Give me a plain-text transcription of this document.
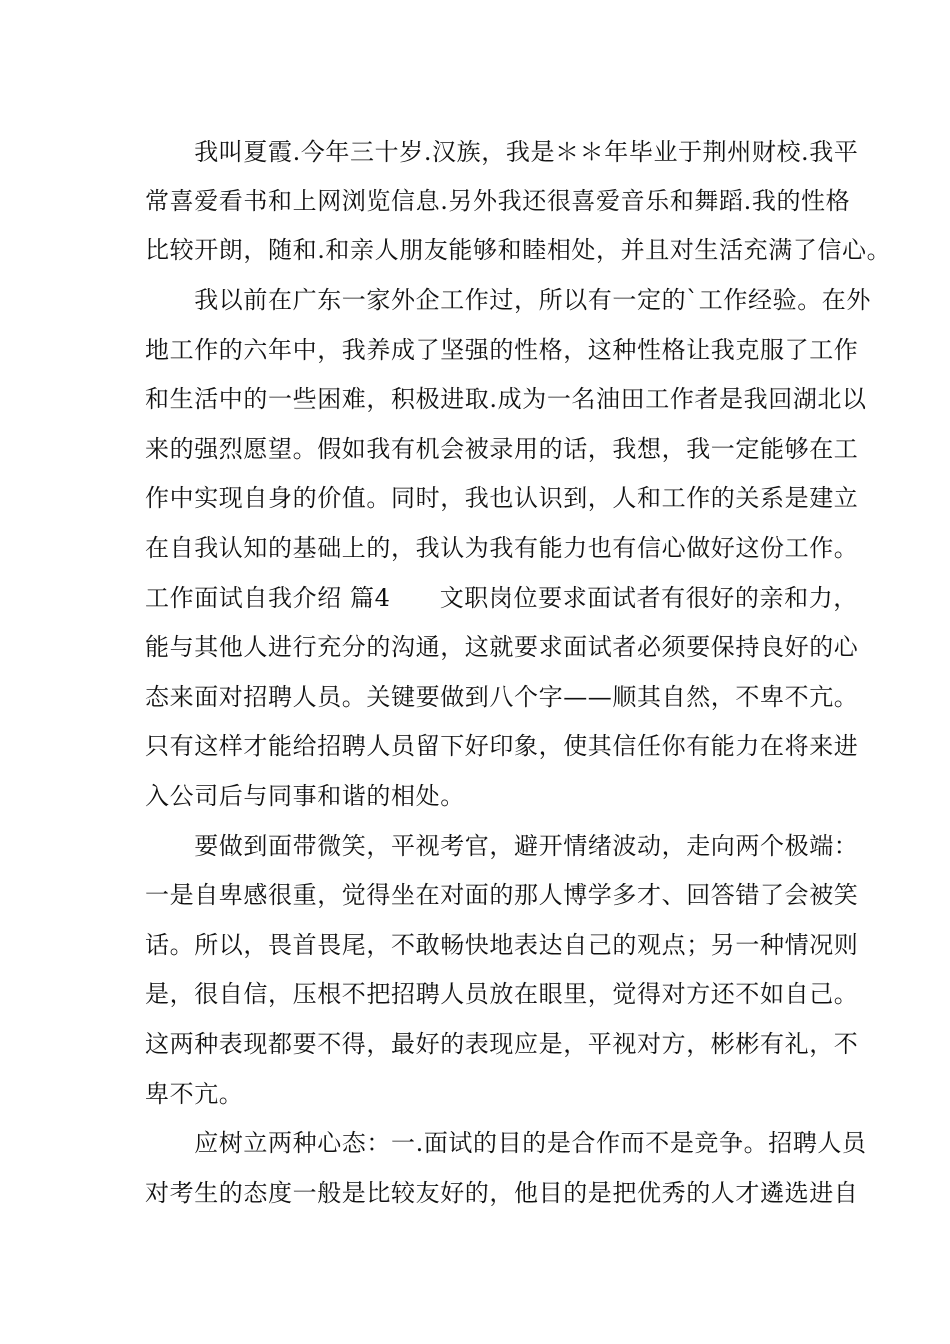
　　我叫夏霞.今年三十岁.汉族，我是＊＊年毕业于荆州财校.我平
常喜爱看书和上网浏览信息.另外我还很喜爱音乐和舞蹈.我的性格
比较开朗，随和.和亲人朋友能够和睦相处，并且对生活充满了信心。
　　我以前在广东一家外企工作过，所以有一定的`工作经验。在外
地工作的六年中，我养成了坚强的性格，这种性格让我克服了工作
和生活中的一些困难，积极进取.成为一名油田工作者是我回湖北以
来的强烈愿望。假如我有机会被录用的话，我想，我一定能够在工
作中实现自身的价值。同时，我也认识到，人和工作的关系是建立
在自我认知的基础上的，我认为我有能力也有信心做好这份工作。
工作面试自我介绍 篇4　　文职岗位要求面试者有很好的亲和力，
能与其他人进行充分的沟通，这就要求面试者必须要保持良好的心
态来面对招聘人员。关键要做到八个字——顺其自然，不卑不亢。
只有这样才能给招聘人员留下好印象，使其信任你有能力在将来进
入公司后与同事和谐的相处。
　　要做到面带微笑，平视考官，避开情绪波动，走向两个极端：
一是自卑感很重，觉得坐在对面的那人博学多才、回答错了会被笑
话。所以，畏首畏尾，不敢畅快地表达自己的观点；另一种情况则
是，很自信，压根不把招聘人员放在眼里，觉得对方还不如自己。
这两种表现都要不得，最好的表现应是，平视对方，彬彬有礼，不
卑不亢。
　　应树立两种心态：一.面试的目的是合作而不是竞争。招聘人员
对考生的态度一般是比较友好的，他目的是把优秀的人才遴选进自
